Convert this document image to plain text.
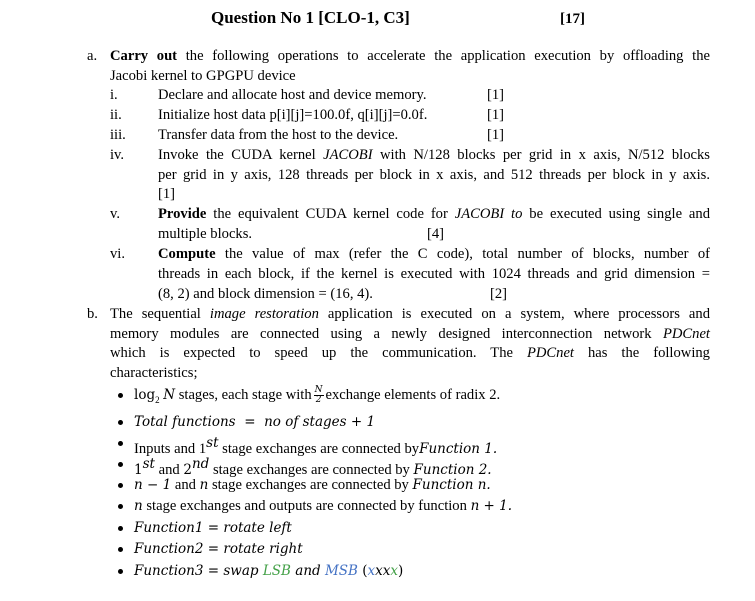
Question No 1 [CLO-1, C3]	[17]
a. Carry out the following operations to accelerate the application execution by offloading the
Jacobi kernel to GPGPU device
i.	Declare and allocate host and device memory.	[1]
ii. Initialize host data p[i][j]=100.0f, q[i][j]=0.0f.	[1]
iii. Transfer data from the host to the device.	[1]
iv. Invoke the CUDA kernel JACOBI with N/128 blocks per grid in x axis, N/512 blocks
per grid in y axis, 128 threads per block in x axis, and 512 threads per block in y axis.
[1]
v.	Provide the equivalent CUDA kernel code for JACOBI to be executed using single and
multiple blocks.	[4]
vi. Compute the value of max (refer the C code), total number of blocks, number of
threads in each block, if the kernel is executed with 1024 threads and grid dimension =
(8, 2) and block dimension = (16, 4).	[2]
b. The sequential image restoration application is executed on a system, where processors and
memory modules are connected using a newly designed interconnection network PDCnet
which is expected to speed up the communication. The PDCnet has the following
characteristics;
$\log_2 N$ stages, each stage with $\frac{N}{2}$ exchange elements of radix 2.
Total functions  =  no of stages + 1
Inputs and 1st stage exchanges are connected byFunction 1.
1st and 2nd stage exchanges are connected by Function 2.
n − 1 and n stage exchanges are connected by Function n.
n stage exchanges and outputs are connected by function n + 1.
Function1 = rotate left
Function2 = rotate right
Function3 = swap LSB and MSB (xxxx)
